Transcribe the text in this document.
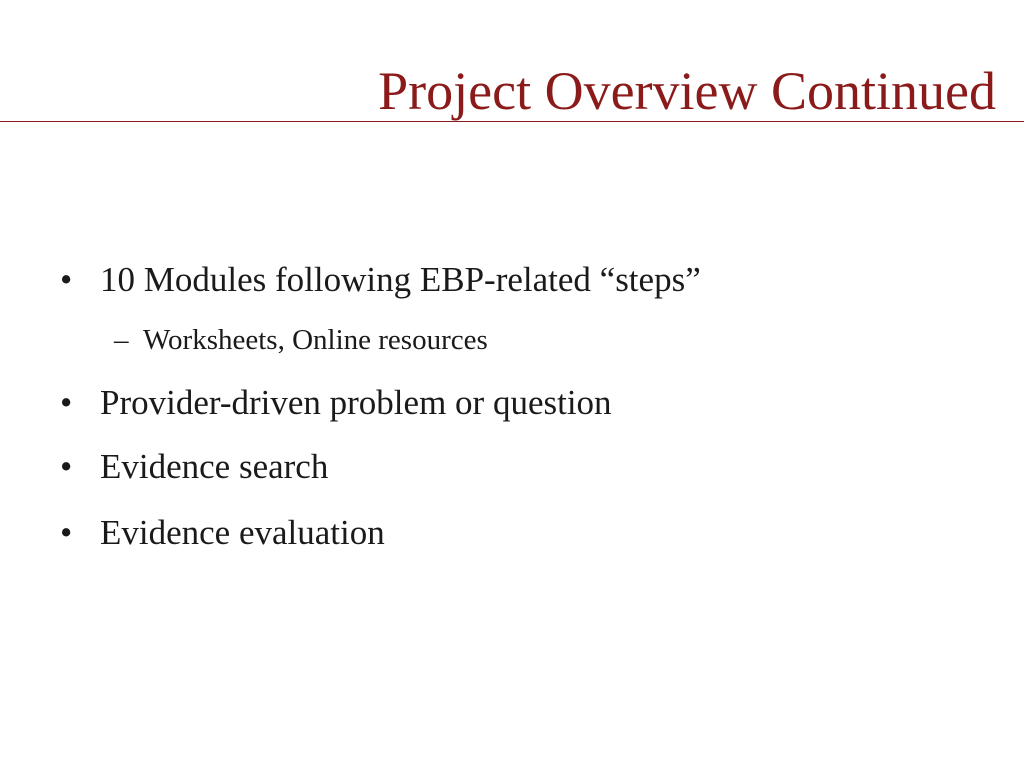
Project Overview Continued
• 10 Modules following EBP-related “steps”
– Worksheets, Online resources
• Provider-driven problem or question
• Evidence search
• Evidence evaluation
